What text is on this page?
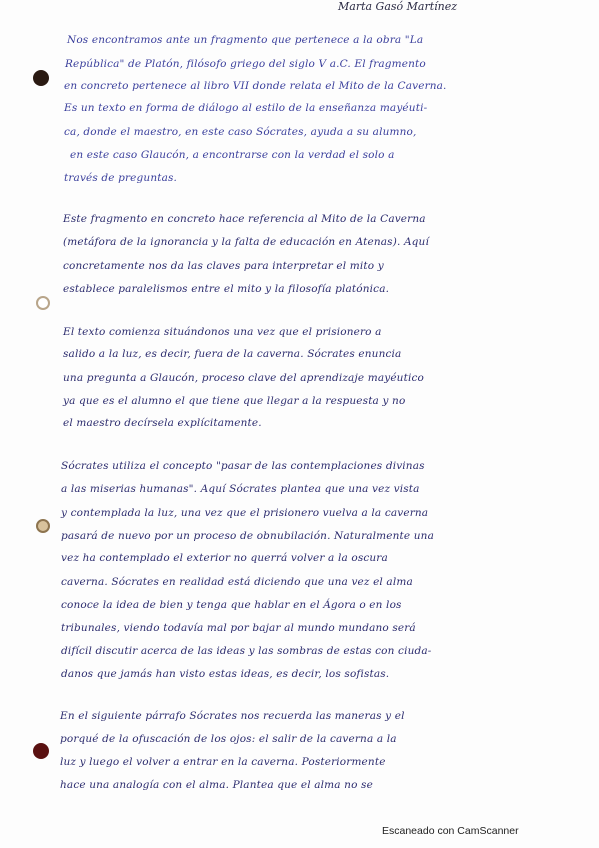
Marta Gasó Martínez
Nos encontramos ante un fragmento que pertenece a la obra "La
República" de Platón, filósofo griego del siglo V a.C. El fragmento
en concreto pertenece al libro VII donde relata el Mito de la Caverna.
Es un texto en forma de diálogo al estilo de la enseñanza mayéuti-
ca, donde el maestro, en este caso Sócrates, ayuda a su alumno,
en este caso Glaucón, a encontrarse con la verdad el solo a
través de preguntas.
Este fragmento en concreto hace referencia al Mito de la Caverna
(metáfora de la ignorancia y la falta de educación en Atenas). Aquí
concretamente nos da las claves para interpretar el mito y
establece paralelismos entre el mito y la filosofía platónica.
El texto comienza situándonos una vez que el prisionero a
salido a la luz, es decir, fuera de la caverna. Sócrates enuncia
una pregunta a Glaucón, proceso clave del aprendizaje mayéutico
ya que es el alumno el que tiene que llegar a la respuesta y no
el maestro decírsela explícitamente.
Sócrates utiliza el concepto "pasar de las contemplaciones divinas
a las miserias humanas". Aquí Sócrates plantea que una vez vista
y contemplada la luz, una vez que el prisionero vuelva a la caverna
pasará de nuevo por un proceso de obnubilación. Naturalmente una
vez ha contemplado el exterior no querrá volver a la oscura
caverna. Sócrates en realidad está diciendo que una vez el alma
conoce la idea de bien y tenga que hablar en el Ágora o en los
tribunales, viendo todavía mal por bajar al mundo mundano será
difícil discutir acerca de las ideas y las sombras de estas con ciuda-
danos que jamás han visto estas ideas, es decir, los sofistas.
En el siguiente párrafo Sócrates nos recuerda las maneras y el
porqué de la ofuscación de los ojos: el salir de la caverna a la
luz y luego el volver a entrar en la caverna. Posteriormente
hace una analogía con el alma. Plantea que el alma no se
Escaneado con CamScanner
